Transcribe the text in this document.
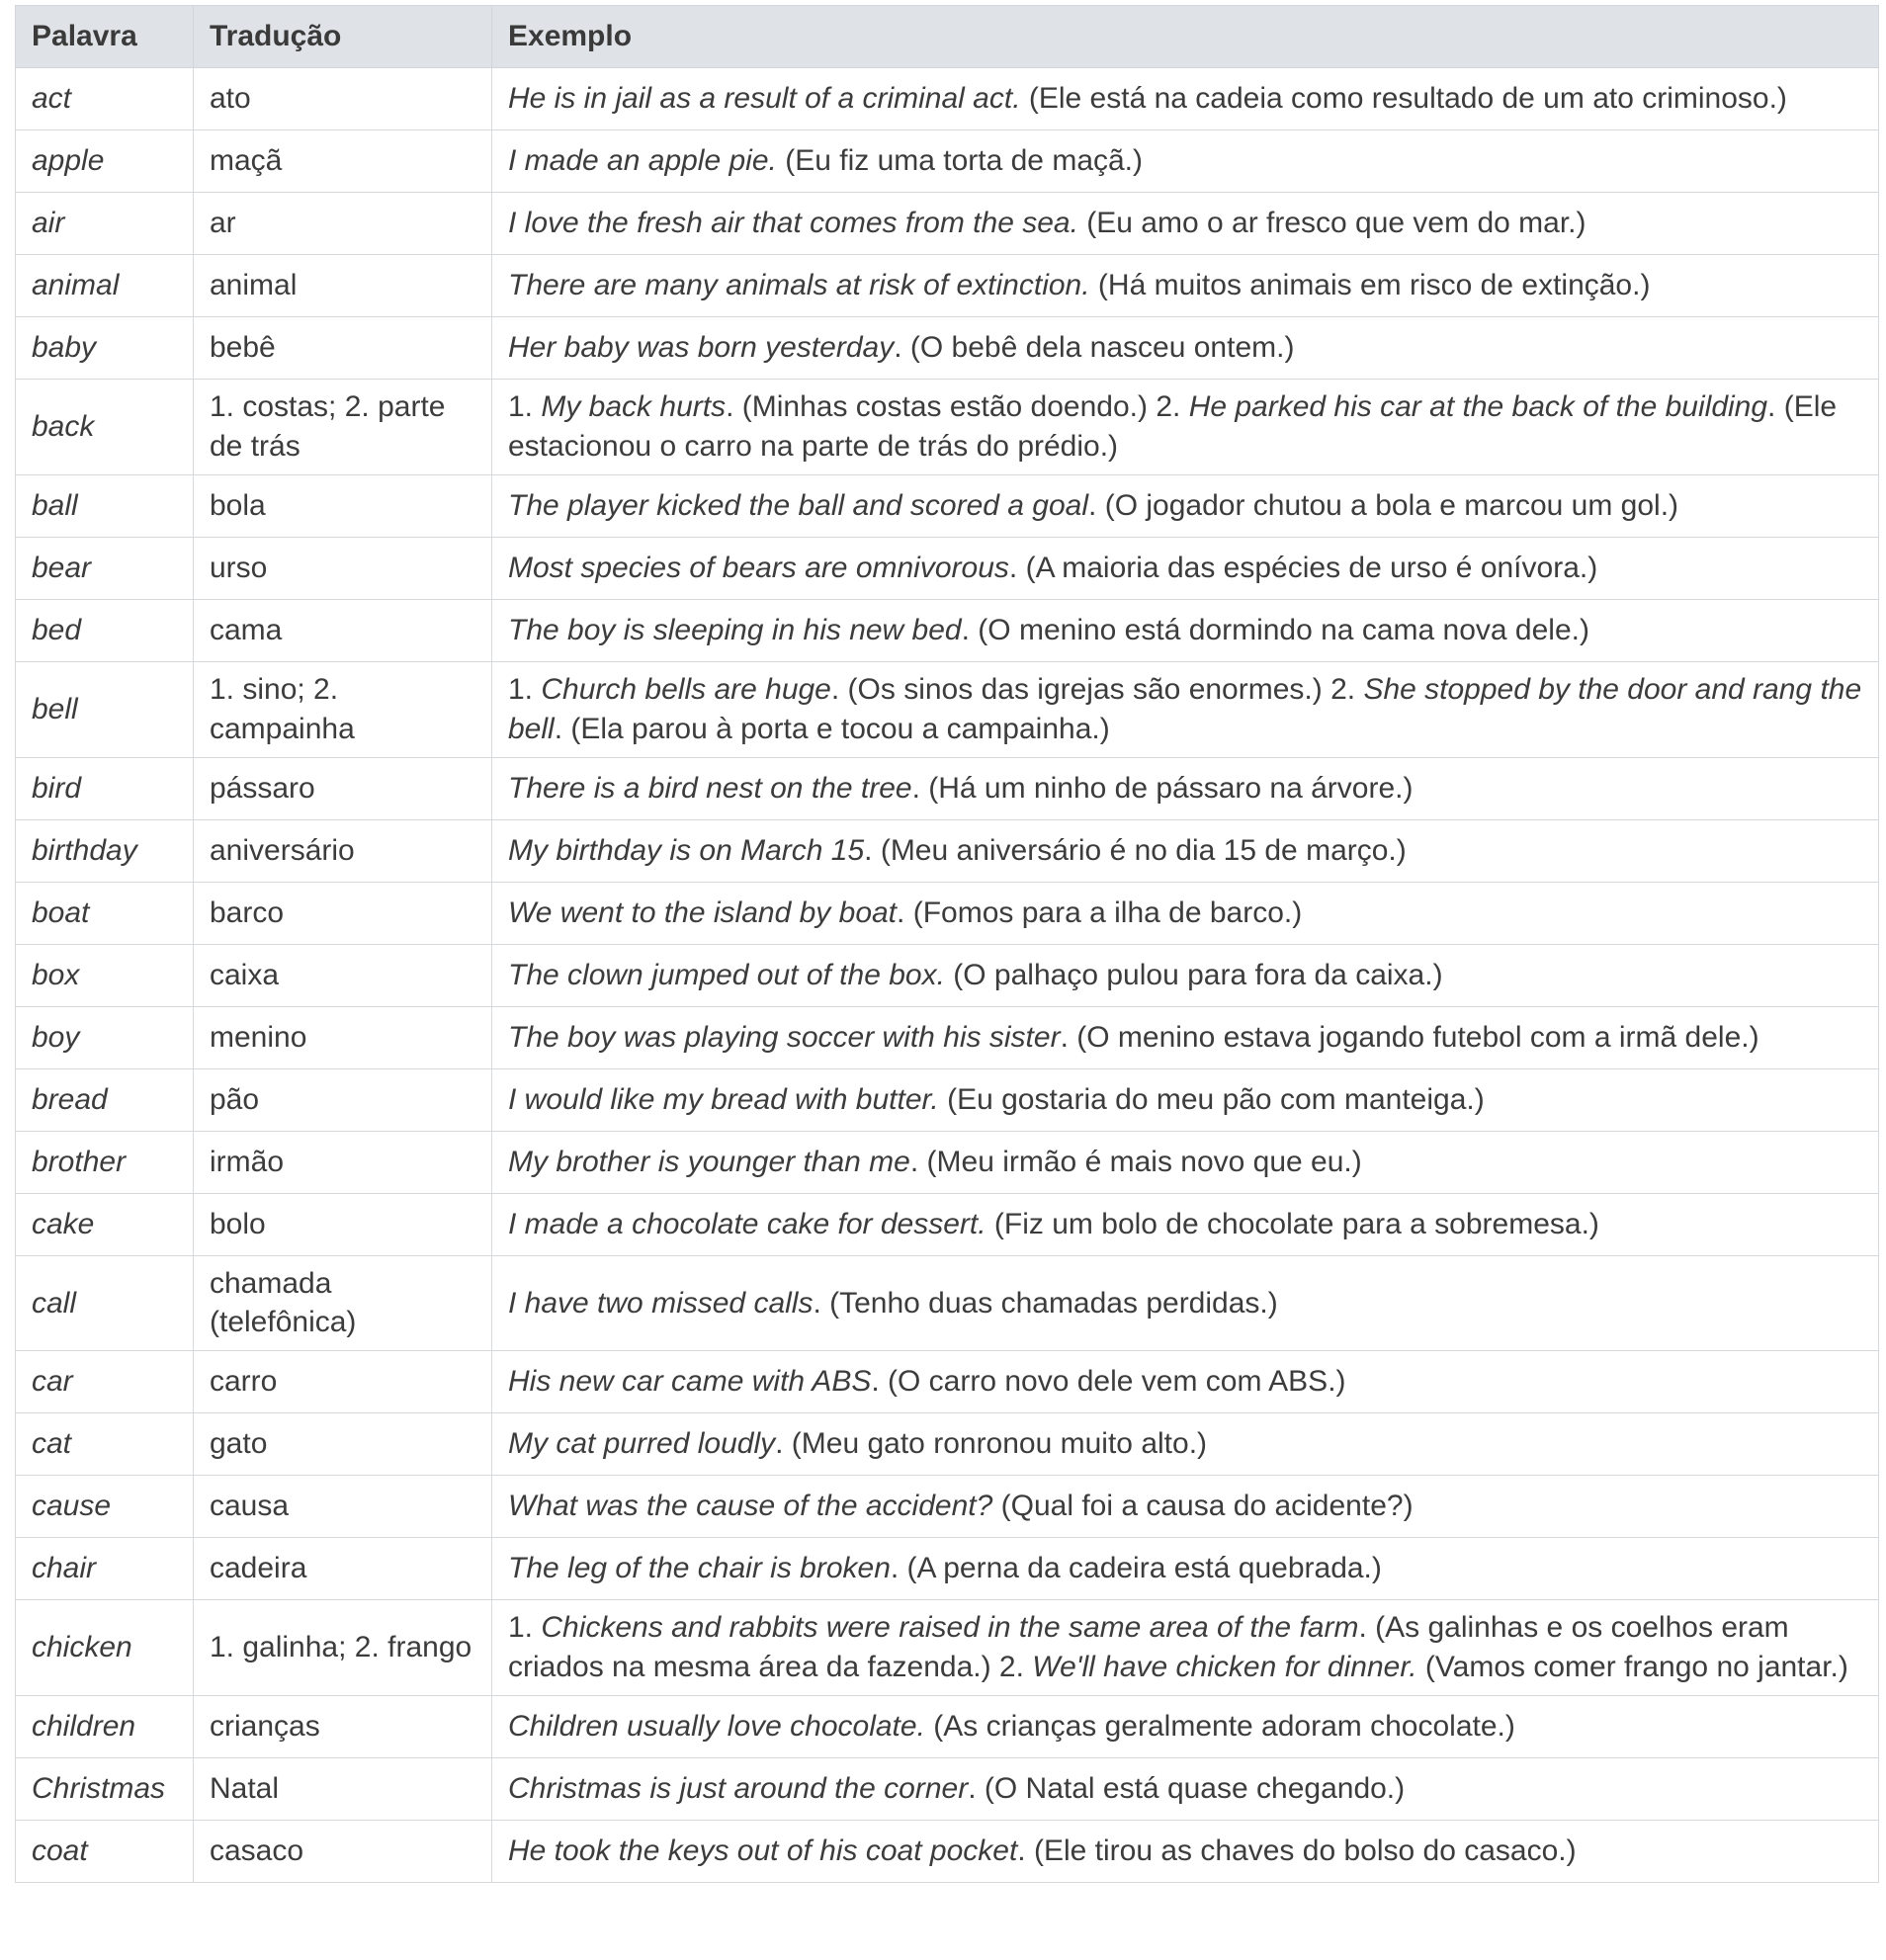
Palavra	Tradução	Exemplo
act	ato	He is in jail as a result of a criminal act. (Ele está na cadeia como resultado de um ato criminoso.)
apple	maçã	I made an apple pie. (Eu fiz uma torta de maçã.)
air	ar	I love the fresh air that comes from the sea. (Eu amo o ar fresco que vem do mar.)
animal	animal	There are many animals at risk of extinction. (Há muitos animais em risco de extinção.)
baby	bebê	Her baby was born yesterday. (O bebê dela nasceu ontem.)
back	1. costas; 2. parte de trás	1. My back hurts. (Minhas costas estão doendo.) 2. He parked his car at the back of the building. (Ele estacionou o carro na parte de trás do prédio.)
ball	bola	The player kicked the ball and scored a goal. (O jogador chutou a bola e marcou um gol.)
bear	urso	Most species of bears are omnivorous. (A maioria das espécies de urso é onívora.)
bed	cama	The boy is sleeping in his new bed. (O menino está dormindo na cama nova dele.)
bell	1. sino; 2. campainha	1. Church bells are huge. (Os sinos das igrejas são enormes.) 2. She stopped by the door and rang the bell. (Ela parou à porta e tocou a campainha.)
bird	pássaro	There is a bird nest on the tree. (Há um ninho de pássaro na árvore.)
birthday	aniversário	My birthday is on March 15. (Meu aniversário é no dia 15 de março.)
boat	barco	We went to the island by boat. (Fomos para a ilha de barco.)
box	caixa	The clown jumped out of the box. (O palhaço pulou para fora da caixa.)
boy	menino	The boy was playing soccer with his sister. (O menino estava jogando futebol com a irmã dele.)
bread	pão	I would like my bread with butter. (Eu gostaria do meu pão com manteiga.)
brother	irmão	My brother is younger than me. (Meu irmão é mais novo que eu.)
cake	bolo	I made a chocolate cake for dessert. (Fiz um bolo de chocolate para a sobremesa.)
call	chamada (telefônica)	I have two missed calls. (Tenho duas chamadas perdidas.)
car	carro	His new car came with ABS. (O carro novo dele vem com ABS.)
cat	gato	My cat purred loudly. (Meu gato ronronou muito alto.)
cause	causa	What was the cause of the accident? (Qual foi a causa do acidente?)
chair	cadeira	The leg of the chair is broken. (A perna da cadeira está quebrada.)
chicken	1. galinha; 2. frango	1. Chickens and rabbits were raised in the same area of the farm. (As galinhas e os coelhos eram criados na mesma área da fazenda.) 2. We'll have chicken for dinner. (Vamos comer frango no jantar.)
children	crianças	Children usually love chocolate. (As crianças geralmente adoram chocolate.)
Christmas	Natal	Christmas is just around the corner. (O Natal está quase chegando.)
coat	casaco	He took the keys out of his coat pocket. (Ele tirou as chaves do bolso do casaco.)
